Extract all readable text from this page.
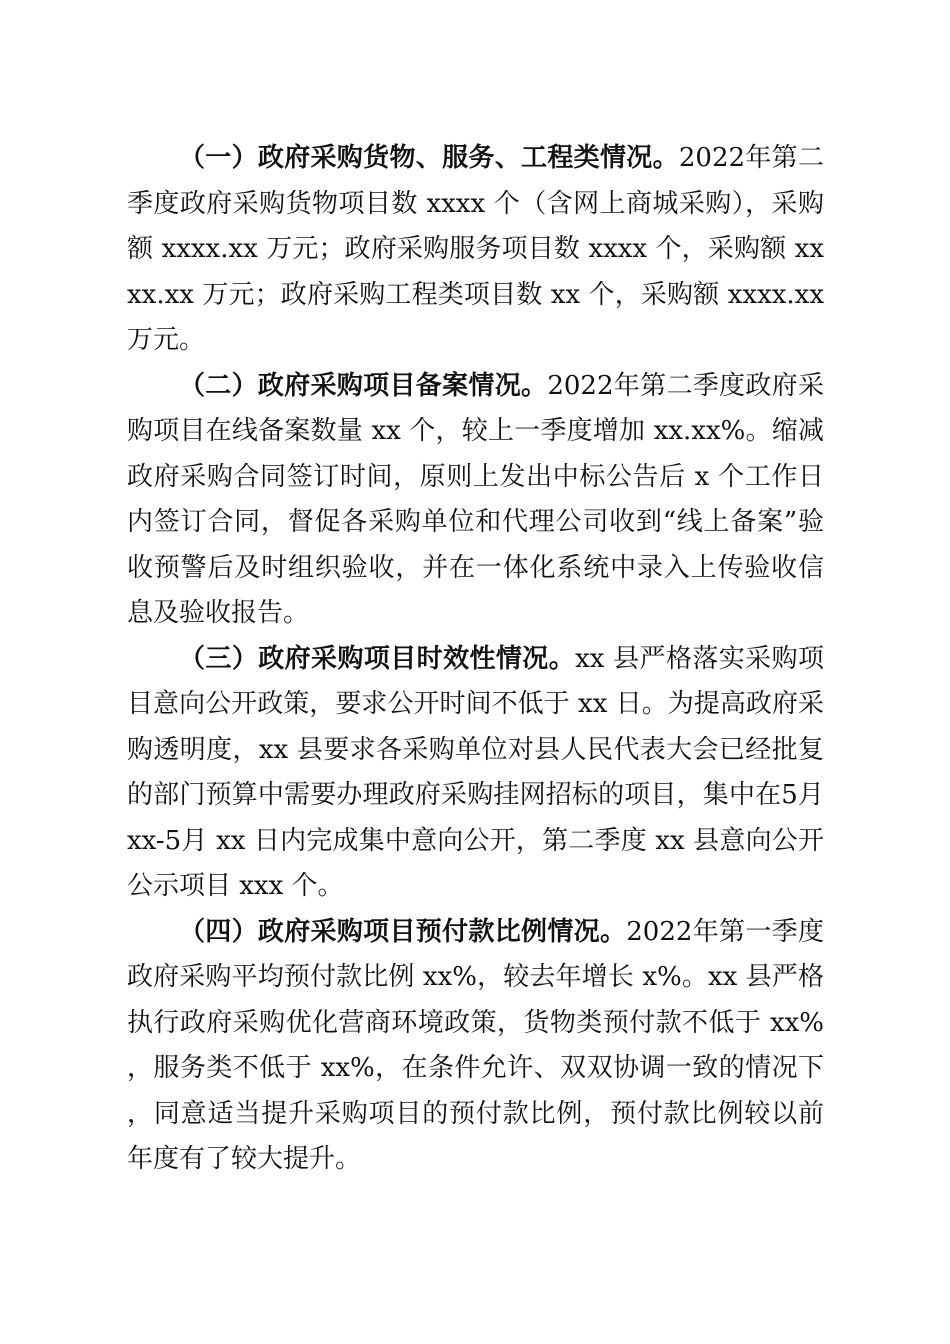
（一）政府采购货物、服务、工程类情况。2022年第二季度政府采购货物项目数 xxxx 个（含网上商城采购），采购额 xxxx.xx 万元；政府采购服务项目数 xxxx 个，采购额 xxxx.xx 万元；政府采购工程类项目数 xx 个，采购额 xxxx.xx 万元。

（二）政府采购项目备案情况。2022年第二季度政府采购项目在线备案数量 xx 个，较上一季度增加 xx.xx%。缩减政府采购合同签订时间，原则上发出中标公告后 x 个工作日内签订合同，督促各采购单位和代理公司收到“线上备案”验收预警后及时组织验收，并在一体化系统中录入上传验收信息及验收报告。

（三）政府采购项目时效性情况。xx 县严格落实采购项目意向公开政策，要求公开时间不低于 xx 日。为提高政府采购透明度，xx 县要求各采购单位对县人民代表大会已经批复的部门预算中需要办理政府采购挂网招标的项目，集中在5月 xx-5月 xx 日内完成集中意向公开，第二季度 xx 县意向公开公示项目 xxx 个。

（四）政府采购项目预付款比例情况。2022年第一季度政府采购平均预付款比例 xx%，较去年增长 x%。xx 县严格执行政府采购优化营商环境政策，货物类预付款不低于 xx%，服务类不低于 xx%，在条件允许、双双协调一致的情况下，同意适当提升采购项目的预付款比例，预付款比例较以前年度有了较大提升。
